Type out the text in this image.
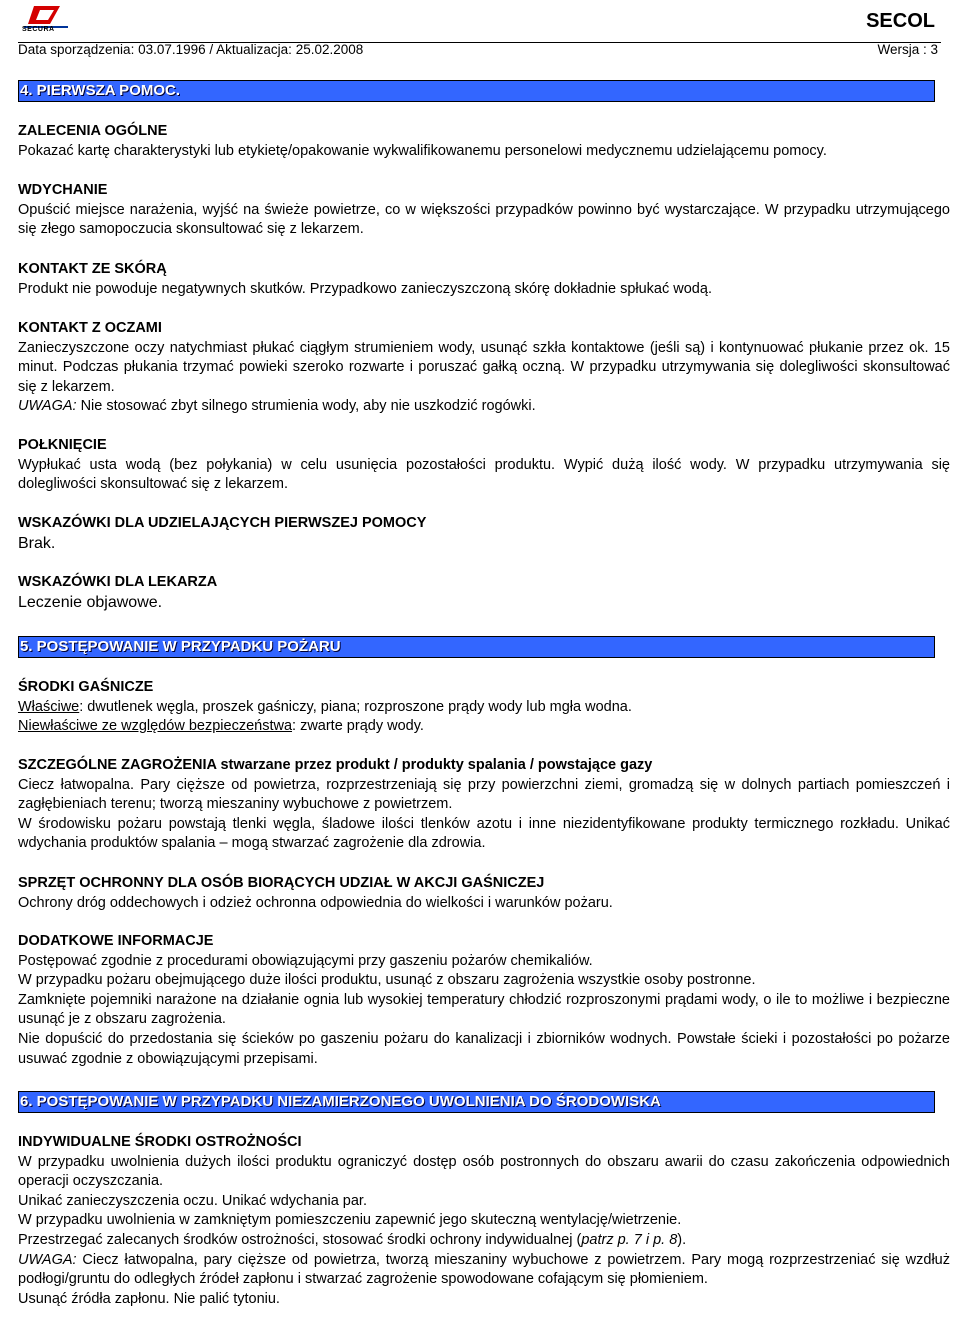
SECURA	SECOL
Data sporządzenia: 03.07.1996 / Aktualizacja: 25.02.2008	Wersja : 3
4. PIERWSZA POMOC.

ZALECENIA OGÓLNE

Pokazać kartę charakterystyki lub etykietę/opakowanie wykwalifikowanemu personelowi medycznemu udzielającemu pomocy.

WDYCHANIE

Opuścić miejsce narażenia, wyjść na świeże powietrze, co w większości przypadków powinno być wystarczające. W przypadku utrzymującego się złego samopoczucia skonsultować się z lekarzem.

KONTAKT ZE SKÓRĄ

Produkt nie powoduje negatywnych skutków. Przypadkowo zanieczyszczoną skórę dokładnie spłukać wodą.

KONTAKT Z OCZAMI

Zanieczyszczone oczy natychmiast płukać ciągłym strumieniem wody, usunąć szkła kontaktowe (jeśli są) i kontynuować płukanie przez ok. 15 minut. Podczas płukania trzymać powieki szeroko rozwarte i poruszać gałką oczną. W przypadku utrzymywania się dolegliwości skonsultować się z lekarzem.

UWAGA: Nie stosować zbyt silnego strumienia wody, aby nie uszkodzić rogówki.

POŁKNIĘCIE

Wypłukać usta wodą (bez połykania) w celu usunięcia pozostałości produktu. Wypić dużą ilość wody. W przypadku utrzymywania się dolegliwości skonsultować się z lekarzem.

WSKAZÓWKI DLA UDZIELAJĄCYCH PIERWSZEJ POMOCY

Brak.

WSKAZÓWKI DLA LEKARZA

Leczenie objawowe.

5. POSTĘPOWANIE W PRZYPADKU POŻARU

ŚRODKI GAŚNICZE

Właściwe: dwutlenek węgla, proszek gaśniczy, piana; rozproszone prądy wody lub mgła wodna.

Niewłaściwe ze względów bezpieczeństwa: zwarte prądy wody.

SZCZEGÓLNE ZAGROŻENIA stwarzane przez produkt / produkty spalania / powstające gazy

Ciecz łatwopalna. Pary cięższe od powietrza, rozprzestrzeniają się przy powierzchni ziemi, gromadzą się w dolnych partiach pomieszczeń i zagłębieniach terenu; tworzą mieszaniny wybuchowe z powietrzem.

W środowisku pożaru powstają tlenki węgla, śladowe ilości tlenków azotu i inne niezidentyfikowane produkty termicznego rozkładu. Unikać wdychania produktów spalania – mogą stwarzać zagrożenie dla zdrowia.

SPRZĘT OCHRONNY DLA OSÓB BIORĄCYCH UDZIAŁ W AKCJI GAŚNICZEJ

Ochrony dróg oddechowych i odzież ochronna odpowiednia do wielkości i warunków pożaru.

DODATKOWE INFORMACJE

Postępować zgodnie z procedurami obowiązującymi przy gaszeniu pożarów chemikaliów.

W przypadku pożaru obejmującego duże ilości produktu, usunąć z obszaru zagrożenia wszystkie osoby postronne.

Zamknięte pojemniki narażone na działanie ognia lub wysokiej temperatury chłodzić rozproszonymi prądami wody, o ile to możliwe i bezpieczne usunąć je z obszaru zagrożenia.

Nie dopuścić do przedostania się ścieków po gaszeniu pożaru do kanalizacji i zbiorników wodnych. Powstałe ścieki i pozostałości po pożarze usuwać zgodnie z obowiązującymi przepisami.

6. POSTĘPOWANIE W PRZYPADKU NIEZAMIERZONEGO UWOLNIENIA DO ŚRODOWISKA

INDYWIDUALNE ŚRODKI OSTROŻNOŚCI

W przypadku uwolnienia dużych ilości produktu ograniczyć dostęp osób postronnych do obszaru awarii do czasu zakończenia odpowiednich operacji oczyszczania.

Unikać zanieczyszczenia oczu. Unikać wdychania par.

W przypadku uwolnienia w zamkniętym pomieszczeniu zapewnić jego skuteczną wentylację/wietrzenie.

Przestrzegać zalecanych środków ostrożności, stosować środki ochrony indywidualnej (patrz p. 7 i p. 8).

UWAGA: Ciecz łatwopalna, pary cięższe od powietrza, tworzą mieszaniny wybuchowe z powietrzem. Pary mogą rozprzestrzeniać się wzdłuż podłogi/gruntu do odległych źródeł zapłonu i stwarzać zagrożenie spowodowane cofającym się płomieniem.

Usunąć źródła zapłonu. Nie palić tytoniu.
